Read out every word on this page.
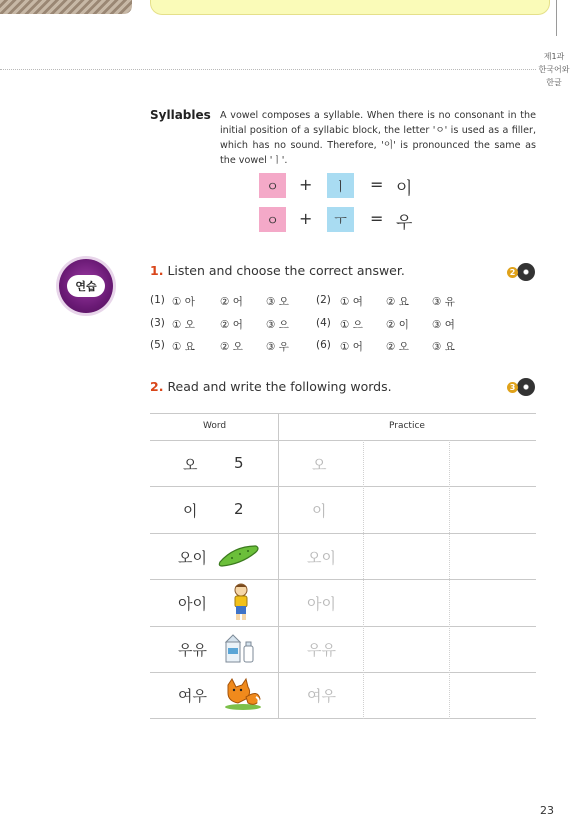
제1과
한국어와
한글
Syllables A vowel composes a syllable. When there is no consonant in the initial position of a syllabic block, the letter 'ㅇ' is used as a filler, which has no sound. Therefore, '이' is pronounced the same as the vowel 'ㅣ'.
ㅇ	+	ㅣ	= 이
ㅇ	+	ㅜ	= 우
연습
1. Listen and choose the correct answer.	2
(1) ① 아 ② 어 ③ 오	(2) ① 여 ② 요 ③ 유
(3) ① 오 ② 어 ③ 으	(4) ① 으 ② 이 ③ 여
(5) ① 요 ② 오 ③ 우	(6) ① 어 ② 오 ③ 요
2. Read and write the following words.	3
Word	Practice
오 5	오
이 2	이
오이	오이
아이	아이
우유	우유
여우	여우
23
